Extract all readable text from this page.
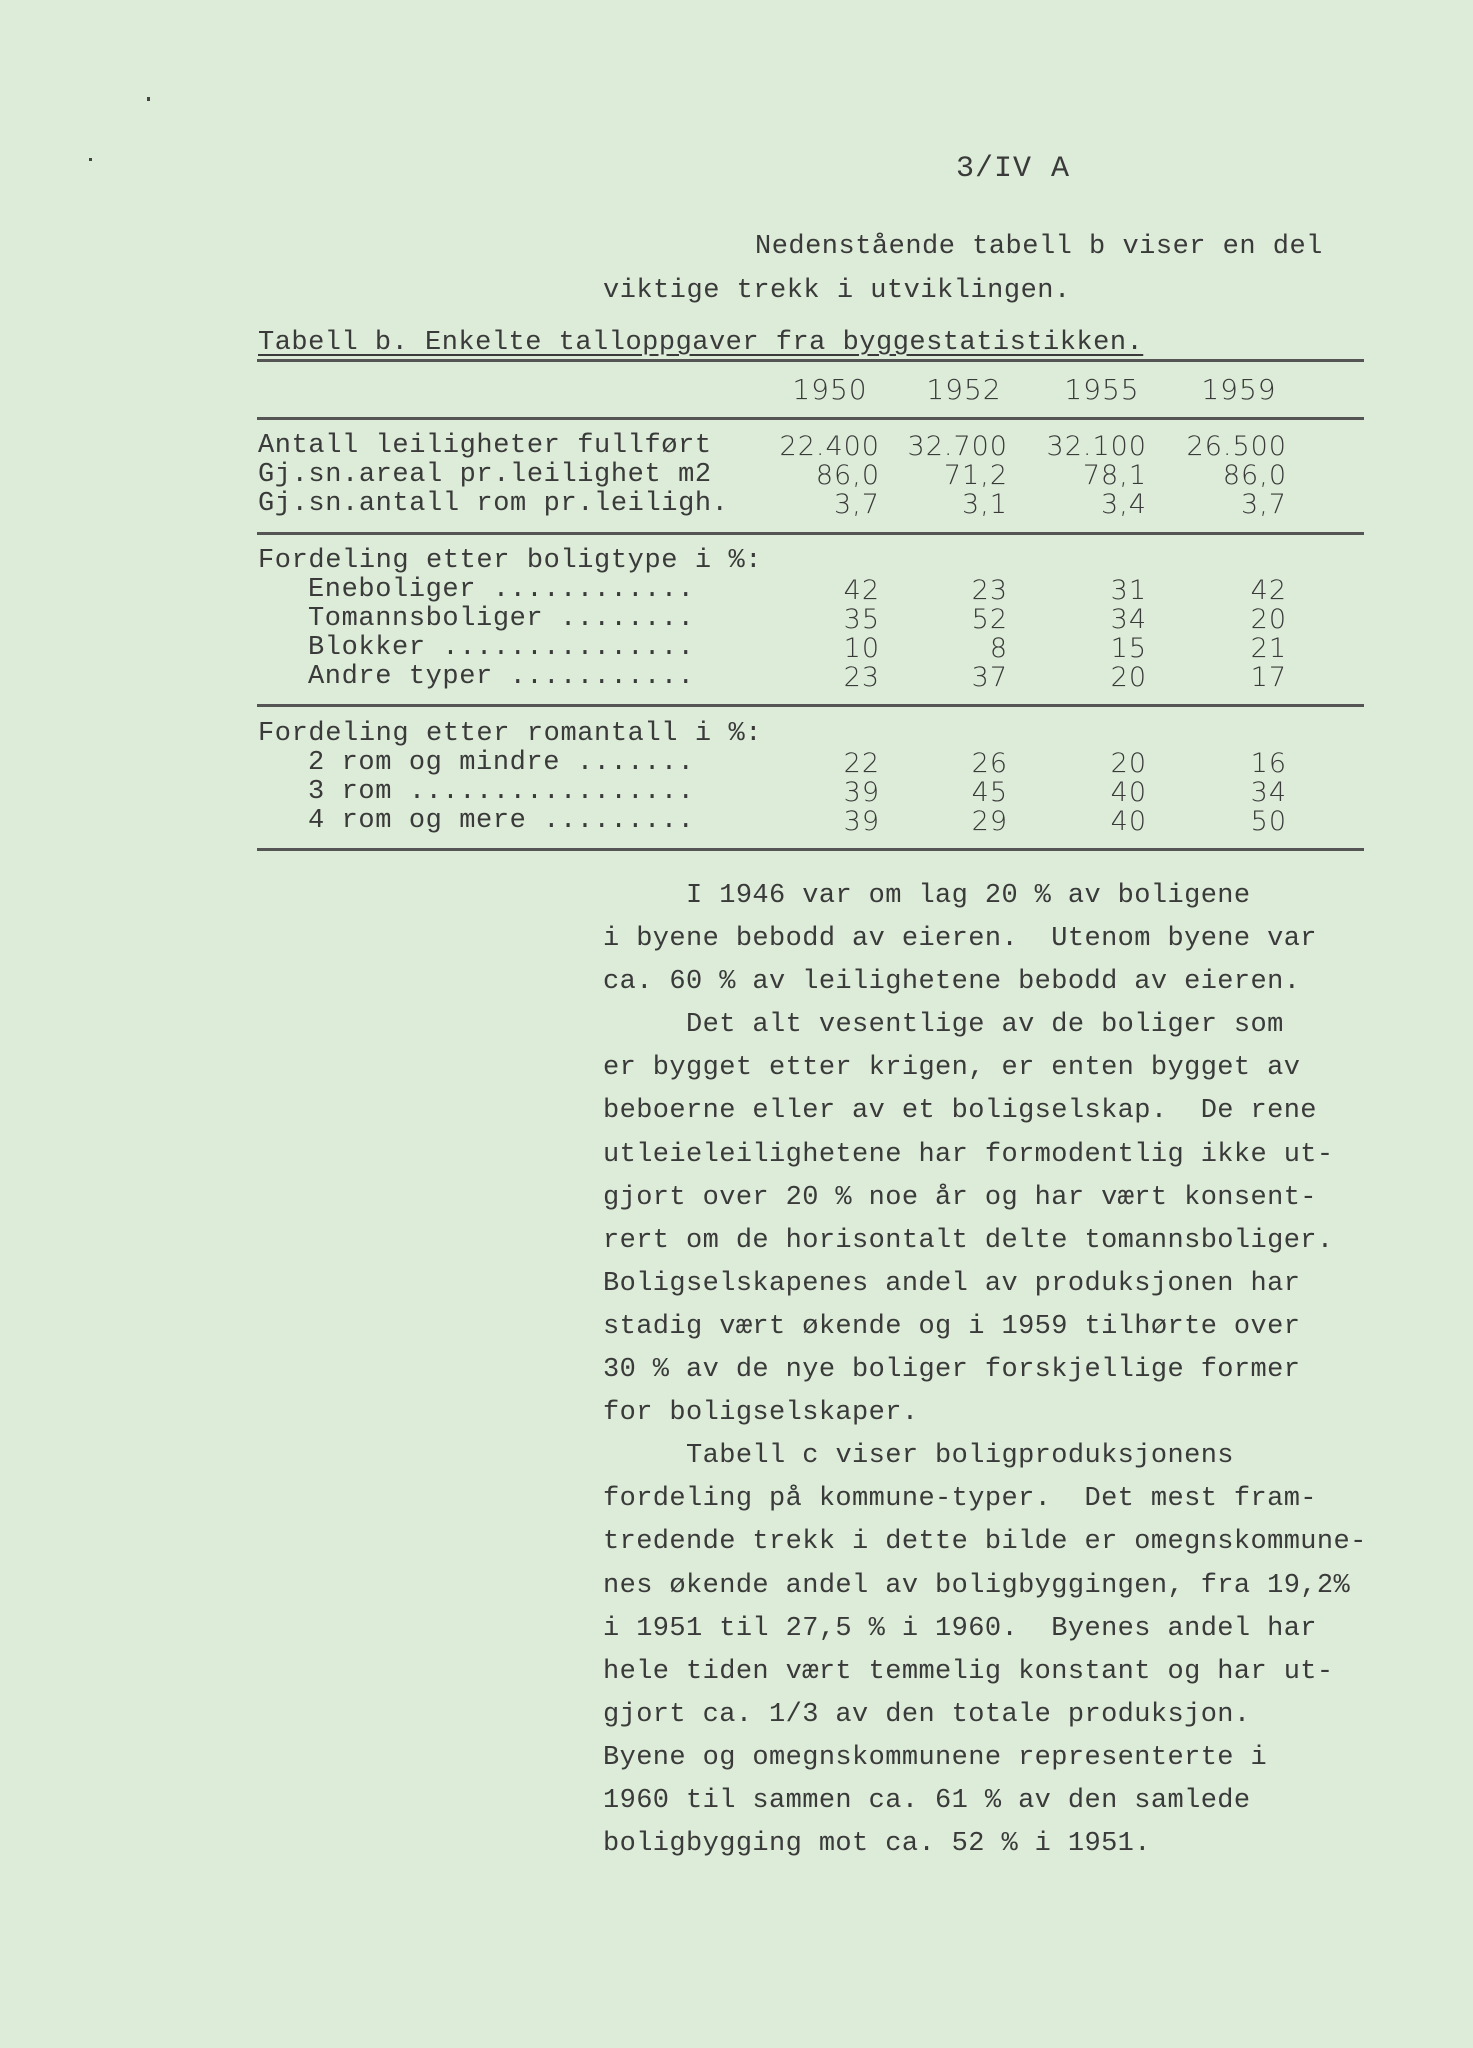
3/IV A
Nedenstående tabell b viser en del
viktige trekk i utviklingen.
Tabell b. Enkelte talloppgaver fra byggestatistikken.
1950	1952	1955	1959
Antall leiligheter fullført	22.400	32.700	32.100	26.500
Gj.sn.areal pr.leilighet m2	86,0	71,2	78,1	86,0
Gj.sn.antall rom pr.leiligh.	3,7	3,1	3,4	3,7
Fordeling etter boligtype i %:
Eneboliger ............	42	23	31	42
Tomannsboliger ........	35	52	34	20
Blokker ...............	10	8	15	21
Andre typer ...........	23	37	20	17
Fordeling etter romantall i %:
2 rom og mindre .......	22	26	20	16
3 rom .................	39	45	40	34
4 rom og mere .........	39	29	40	50

I 1946 var om lag 20 % av boligene

i byene bebodd av eieren.  Utenom byene var

ca. 60 % av leilighetene bebodd av eieren.

Det alt vesentlige av de boliger som

er bygget etter krigen, er enten bygget av

beboerne eller av et boligselskap.  De rene

utleieleilighetene har formodentlig ikke ut-

gjort over 20 % noe år og har vært konsent-

rert om de horisontalt delte tomannsboliger.

Boligselskapenes andel av produksjonen har

stadig vært økende og i 1959 tilhørte over

30 % av de nye boliger forskjellige former

for boligselskaper.

Tabell c viser boligproduksjonens

fordeling på kommune-typer.  Det mest fram-

tredende trekk i dette bilde er omegnskommune-

nes økende andel av boligbyggingen, fra 19,2%

i 1951 til 27,5 % i 1960.  Byenes andel har

hele tiden vært temmelig konstant og har ut-

gjort ca. 1/3 av den totale produksjon.

Byene og omegnskommunene representerte i

1960 til sammen ca. 61 % av den samlede

boligbygging mot ca. 52 % i 1951.
